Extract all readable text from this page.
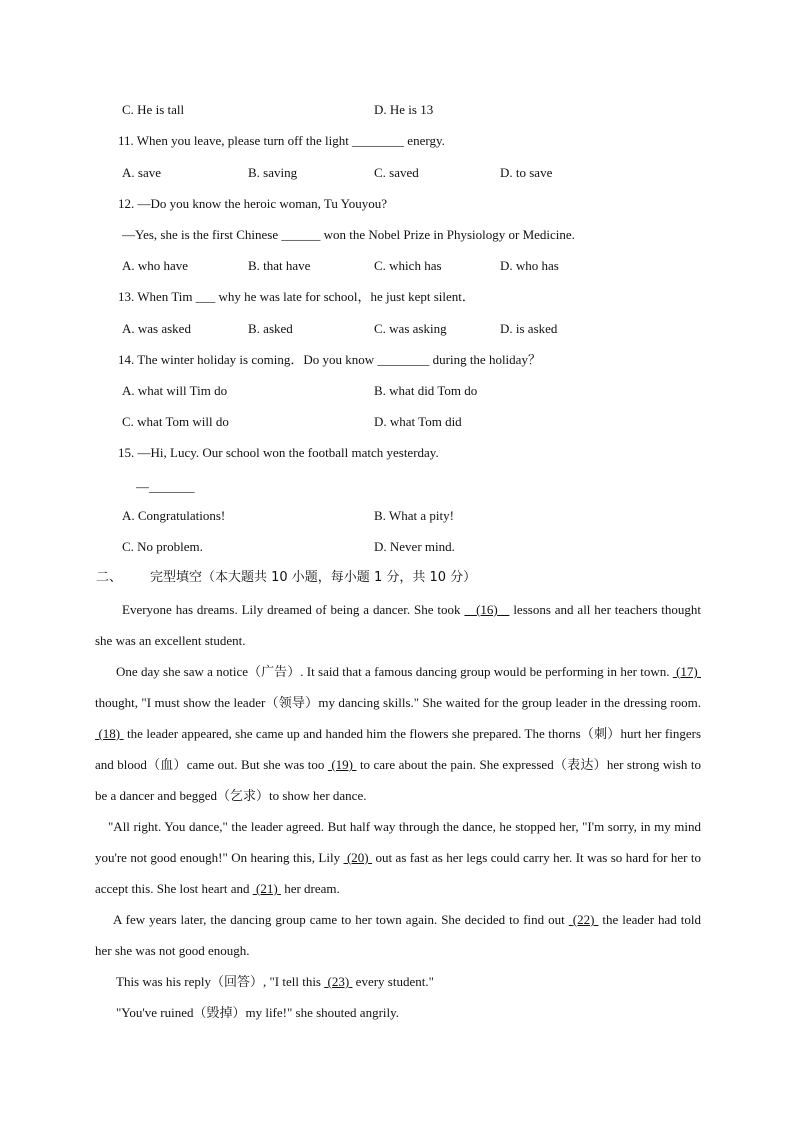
C. He is tall	D. He is 13
11. When you leave, please turn off the light ________ energy.
A. save	B. saving	C. saved	D. to save
12. —Do you know the heroic woman, Tu Youyou?
—Yes, she is the first Chinese ______ won the Nobel Prize in Physiology or Medicine.
A. who have	B. that have	C. which has	D. who has
13. When Tim ___ why he was late for school，he just kept silent．
A. was asked	B. asked	C. was asking	D. is asked
14. The winter holiday is coming．Do you know ________ during the holiday？
A. what will Tim do	B. what did Tom do
C. what Tom will do	D. what Tom did
15. —Hi, Lucy. Our school won the football match yesterday.
—_______
A. Congratulations!	B. What a pity!
C. No problem.	D. Never mind.
二、 完型填空（本大题共 10 小题，每小题 1 分，共 10 分）

Everyone has dreams. Lily dreamed of being a dancer. She took    (16)    lessons and all her teachers thought she was an excellent student.

One day she saw a notice（广告）. It said that a famous dancing group would be performing in her town.  (17)  thought, "I must show the leader（领导）my dancing skills." She waited for the group leader in the dressing room.  (18)  the leader appeared, she came up and handed him the flowers she prepared. The thorns（刺）hurt her fingers and blood（血）came out. But she was too  (19)  to care about the pain. She expressed（表达）her strong wish to be a dancer and begged（乞求）to show her dance.

"All right. You dance," the leader agreed. But half way through the dance, he stopped her, "I'm sorry, in my mind you're not good enough!" On hearing this, Lily  (20)  out as fast as her legs could carry her. It was so hard for her to accept this. She lost heart and  (21)  her dream.

A few years later, the dancing group came to her town again. She decided to find out  (22)  the leader had told her she was not good enough.

This was his reply（回答）, "I tell this  (23)  every student."

"You've ruined（毁掉）my life!" she shouted angrily.
